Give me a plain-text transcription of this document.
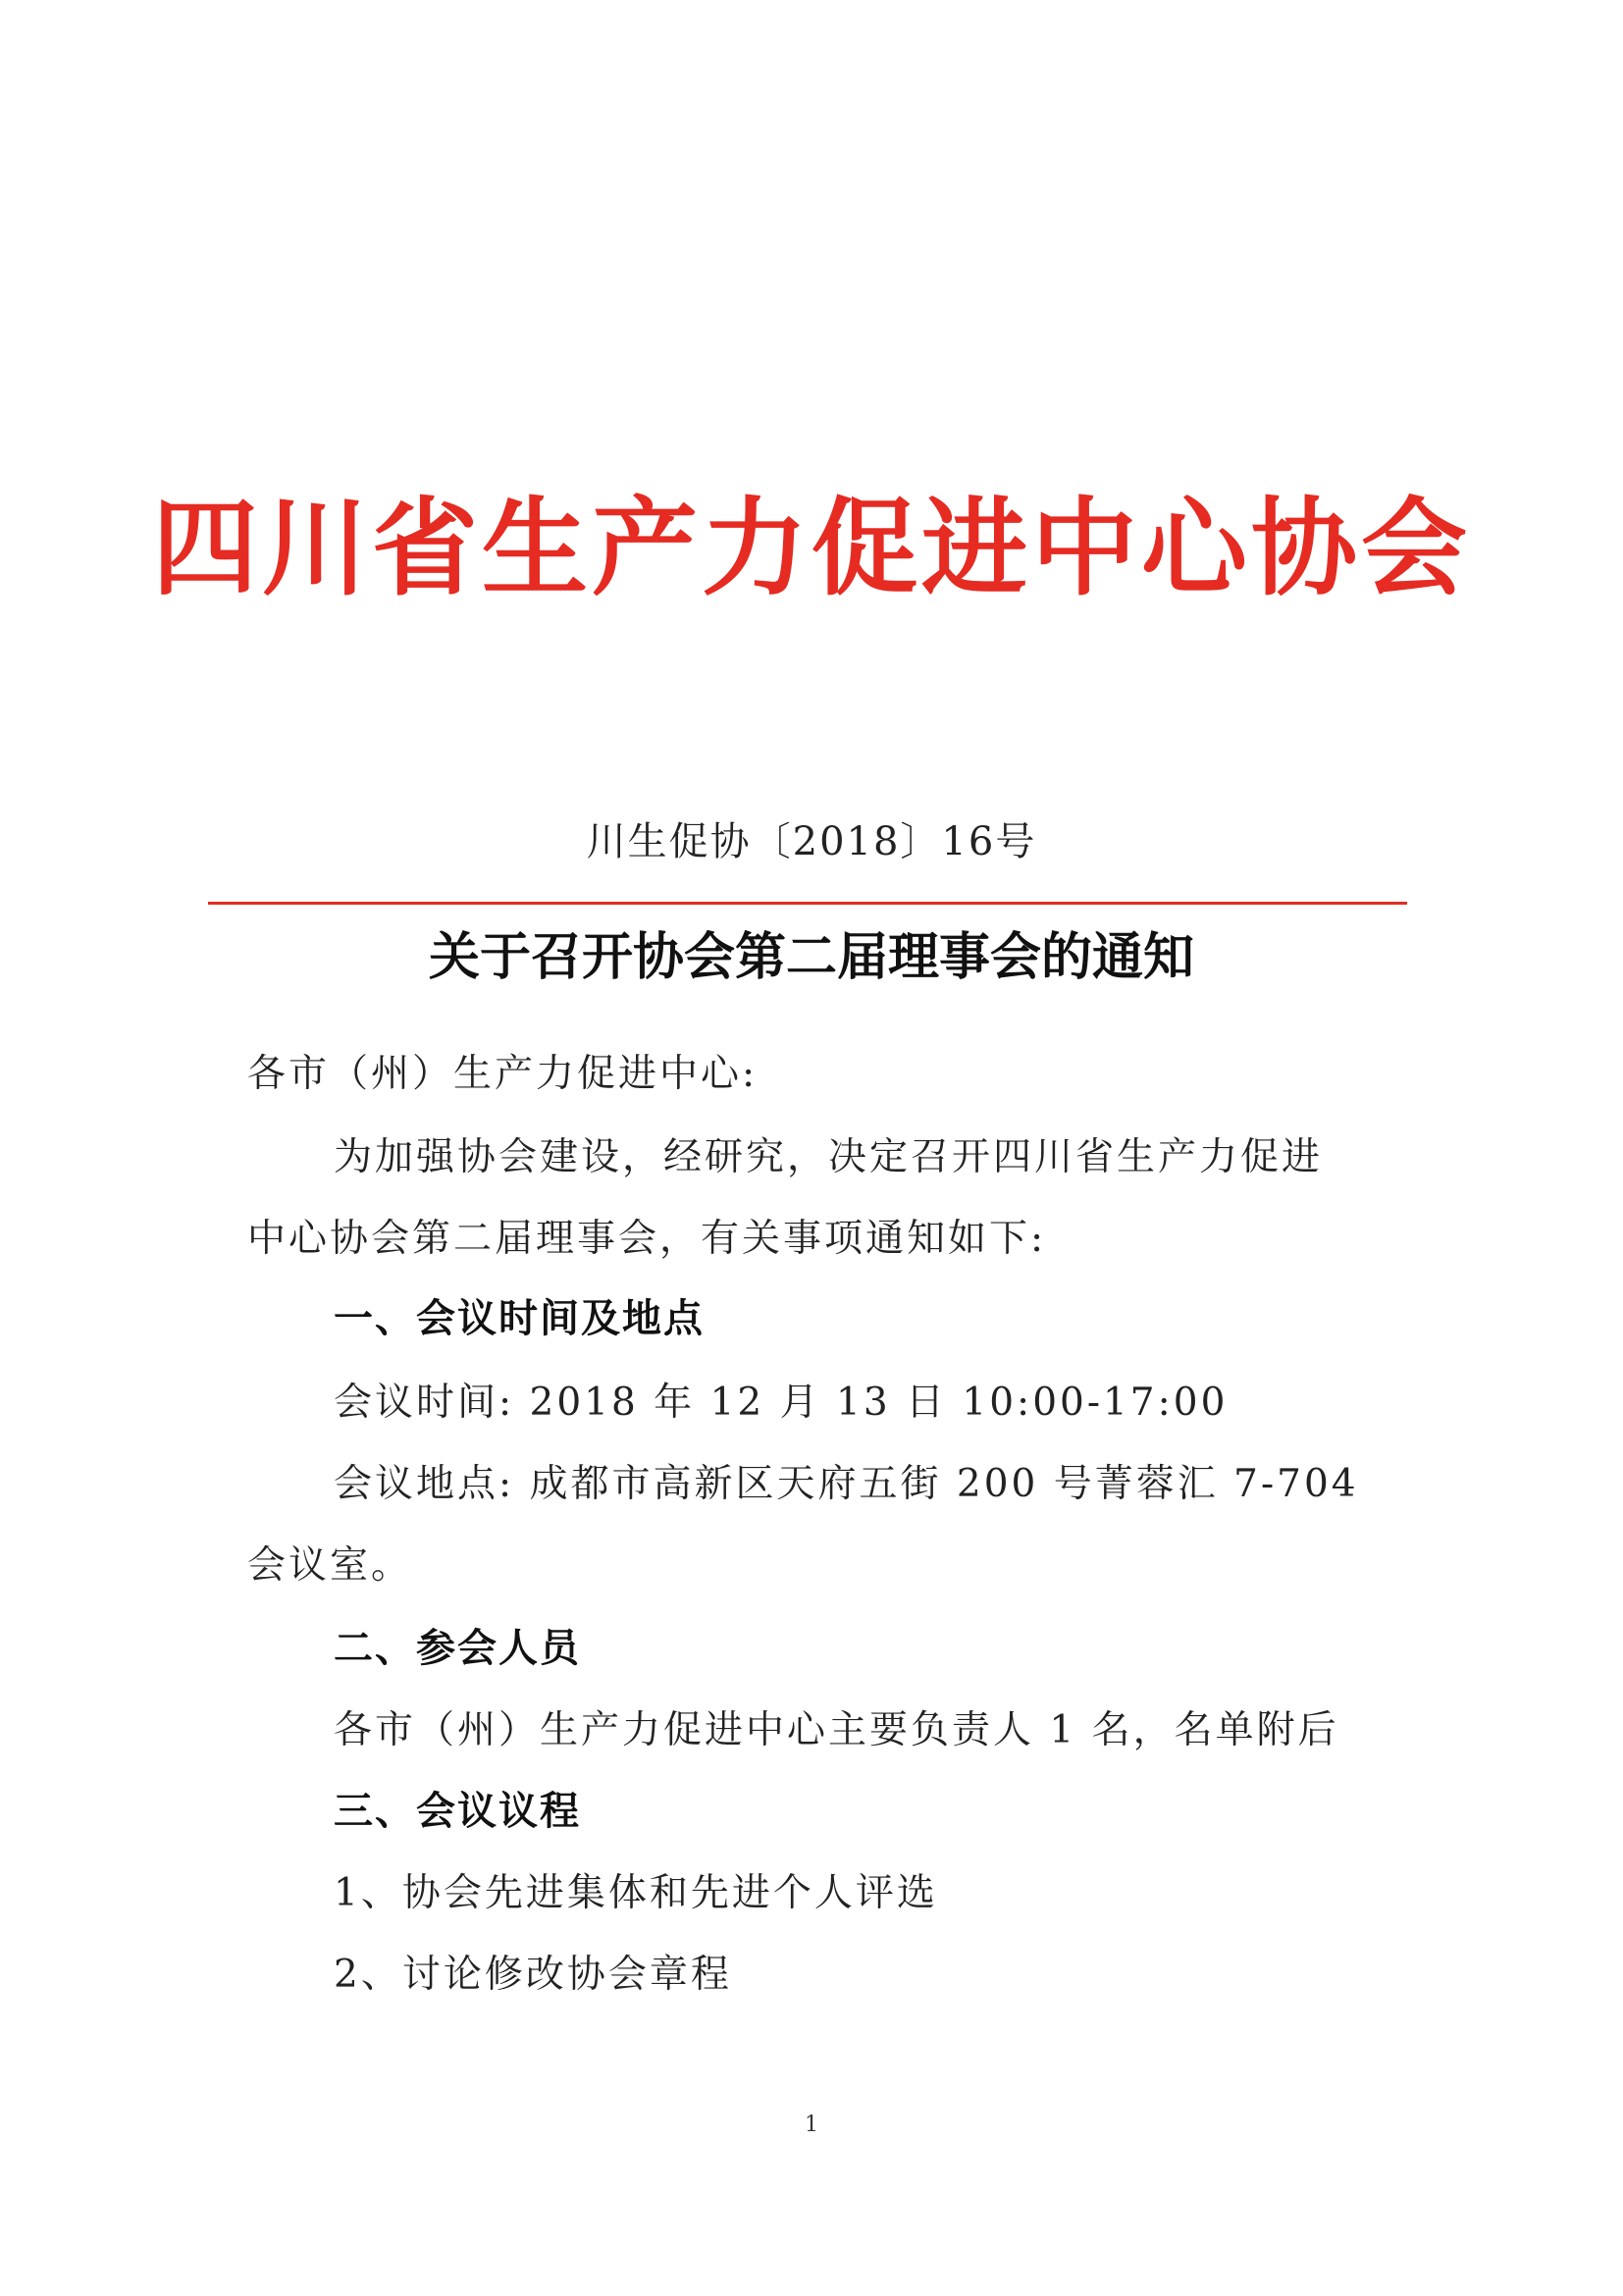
四川省生产力促进中心协会
川生促协〔2018〕16号
关于召开协会第二届理事会的通知
各市（州）生产力促进中心:
为加强协会建设，经研究，决定召开四川省生产力促进
中心协会第二届理事会，有关事项通知如下:
一、会议时间及地点
会议时间: 2018 年 12 月 13 日 10:00-17:00
会议地点: 成都市高新区天府五街 200 号菁蓉汇 7-704
会议室。
二、参会人员
各市（州）生产力促进中心主要负责人 1 名，名单附后
三、会议议程
1、协会先进集体和先进个人评选
2、讨论修改协会章程
1
